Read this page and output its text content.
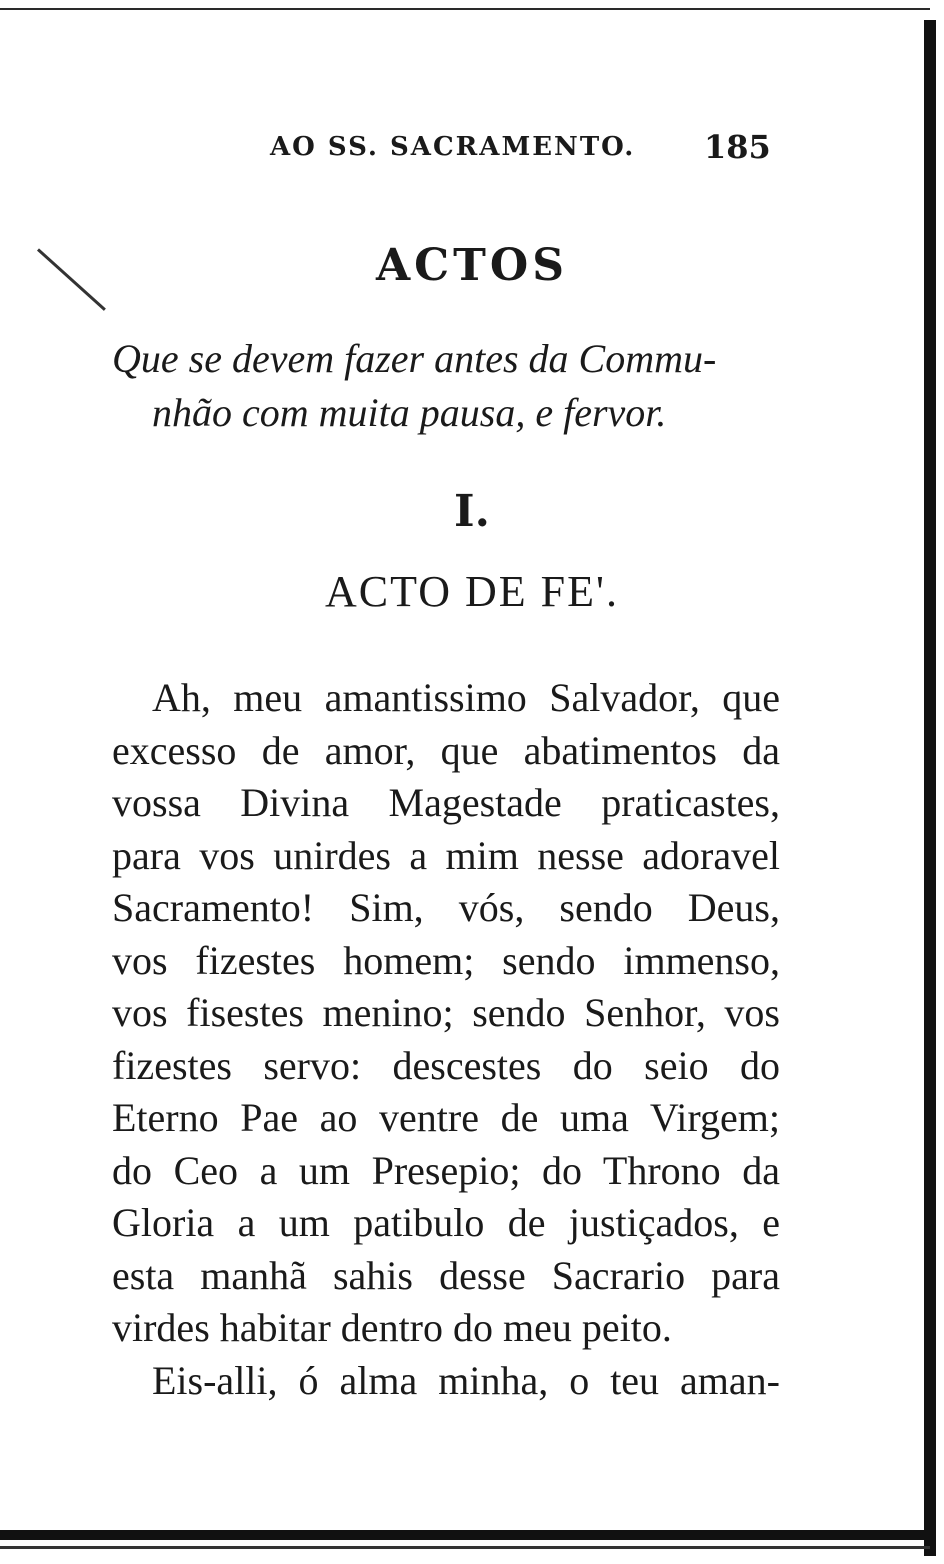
AO SS. SACRAMENTO. 185
ACTOS
Que se devem fazer antes da Commu-
nhão com muita pausa, e fervor.
I.
ACTO DE FE'.
Ah, meu amantissimo Salvador, que
excesso de amor, que abatimentos da
vossa Divina Magestade praticastes,
para vos unirdes a mim nesse adoravel
Sacramento! Sim, vós, sendo Deus,
vos fizestes homem; sendo immenso,
vos fisestes menino; sendo Senhor, vos
fizestes servo: descestes do seio do
Eterno Pae ao ventre de uma Virgem;
do Ceo a um Presepio; do Throno da
Gloria a um patibulo de justiçados, e
esta manhã sahis desse Sacrario para
virdes habitar dentro do meu peito.
Eis-alli, ó alma minha, o teu aman-
